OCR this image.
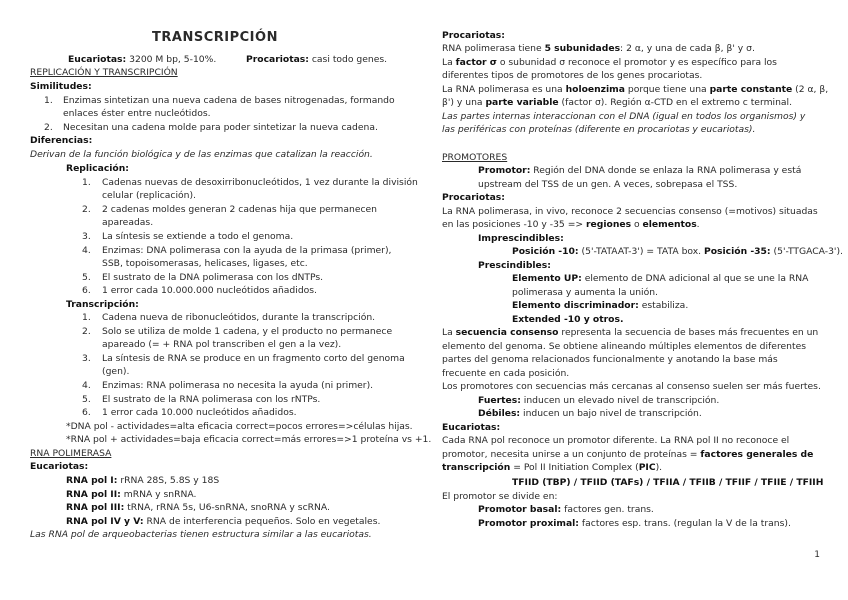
TRANSCRIPCIÓN
Eucariotas: 3200 M bp, 5-10%.	Procariotas: casi todo genes.
REPLICACIÓN Y TRANSCRIPCIÓN
Similitudes:
1. Enzimas sintetizan una nueva cadena de bases nitrogenadas, formando
enlaces éster entre nucleótidos.
2. Necesitan una cadena molde para poder sintetizar la nueva cadena.
Diferencias:
Derivan de la función biológica y de las enzimas que catalizan la reacción.
Replicación:
1. Cadenas nuevas de desoxirribonucleótidos, 1 vez durante la división
celular (replicación).
2. 2 cadenas moldes generan 2 cadenas hija que permanecen
apareadas.
3. La síntesis se extiende a todo el genoma.
4. Enzimas: DNA polimerasa con la ayuda de la primasa (primer),
SSB, topoisomerasas, helicases, ligases, etc.
5. El sustrato de la DNA polimerasa con los dNTPs.
6. 1 error cada 10.000.000 nucleótidos añadidos.
Transcripción:
1. Cadena nueva de ribonucleótidos, durante la transcripción.
2. Solo se utiliza de molde 1 cadena, y el producto no permanece
apareado (= + RNA pol transcriben el gen a la vez).
3. La síntesis de RNA se produce en un fragmento corto del genoma
(gen).
4. Enzimas: RNA polimerasa no necesita la ayuda (ni primer).
5. El sustrato de la RNA polimerasa con los rNTPs.
6. 1 error cada 10.000 nucleótidos añadidos.
*DNA pol - actividades=alta eficacia correct=pocos errores=>células hijas.
*RNA pol + actividades=baja eficacia correct=más errores=>1 proteína vs +1.
RNA POLIMERASA
Eucariotas:
RNA pol I: rRNA 28S, 5.8S y 18S
RNA pol II: mRNA y snRNA.
RNA pol III: tRNA, rRNA 5s, U6-snRNA, snoRNA y scRNA.
RNA pol IV y V: RNA de interferencia pequeños. Solo en vegetales.
Las RNA pol de arqueobacterias tienen estructura similar a las eucariotas.
Procariotas:
RNA polimerasa tiene 5 subunidades: 2 α, y una de cada β, β' y σ.
La factor σ o subunidad σ reconoce el promotor y es específico para los
diferentes tipos de promotores de los genes procariotas.
La RNA polimerasa es una holoenzima porque tiene una parte constante (2 α, β,
β') y una parte variable (factor σ). Región α-CTD en el extremo c terminal.
Las partes internas interaccionan con el DNA (igual en todos los organismos) y
las periféricas con proteínas (diferente en procariotas y eucariotas).
PROMOTORES
Promotor: Región del DNA donde se enlaza la RNA polimerasa y está
upstream del TSS de un gen. A veces, sobrepasa el TSS.
Procariotas:
La RNA polimerasa, in vivo, reconoce 2 secuencias consenso (=motivos) situadas
en las posiciones -10 y -35 => regiones o elementos.
Imprescindibles:
Posición -10: (5'-TATAAT-3') = TATA box. Posición -35: (5'-TTGACA-3').
Prescindibles:
Elemento UP: elemento de DNA adicional al que se une la RNA
polimerasa y aumenta la unión.
Elemento discriminador: estabiliza.
Extended -10 y otros.
La secuencia consenso representa la secuencia de bases más frecuentes en un
elemento del genoma. Se obtiene alineando múltiples elementos de diferentes
partes del genoma relacionados funcionalmente y anotando la base más
frecuente en cada posición.
Los promotores con secuencias más cercanas al consenso suelen ser más fuertes.
Fuertes: inducen un elevado nivel de transcripción.
Débiles: inducen un bajo nivel de transcripción.
Eucariotas:
Cada RNA pol reconoce un promotor diferente. La RNA pol II no reconoce el
promotor, necesita unirse a un conjunto de proteínas = factores generales de
transcripción = Pol II Initiation Complex (PIC).
TFIID (TBP) / TFIID (TAFs) / TFIIA / TFIIB / TFIIF / TFIIE / TFIIH
El promotor se divide en:
Promotor basal: factores gen. trans.
Promotor proximal: factores esp. trans. (regulan la V de la trans).
1
